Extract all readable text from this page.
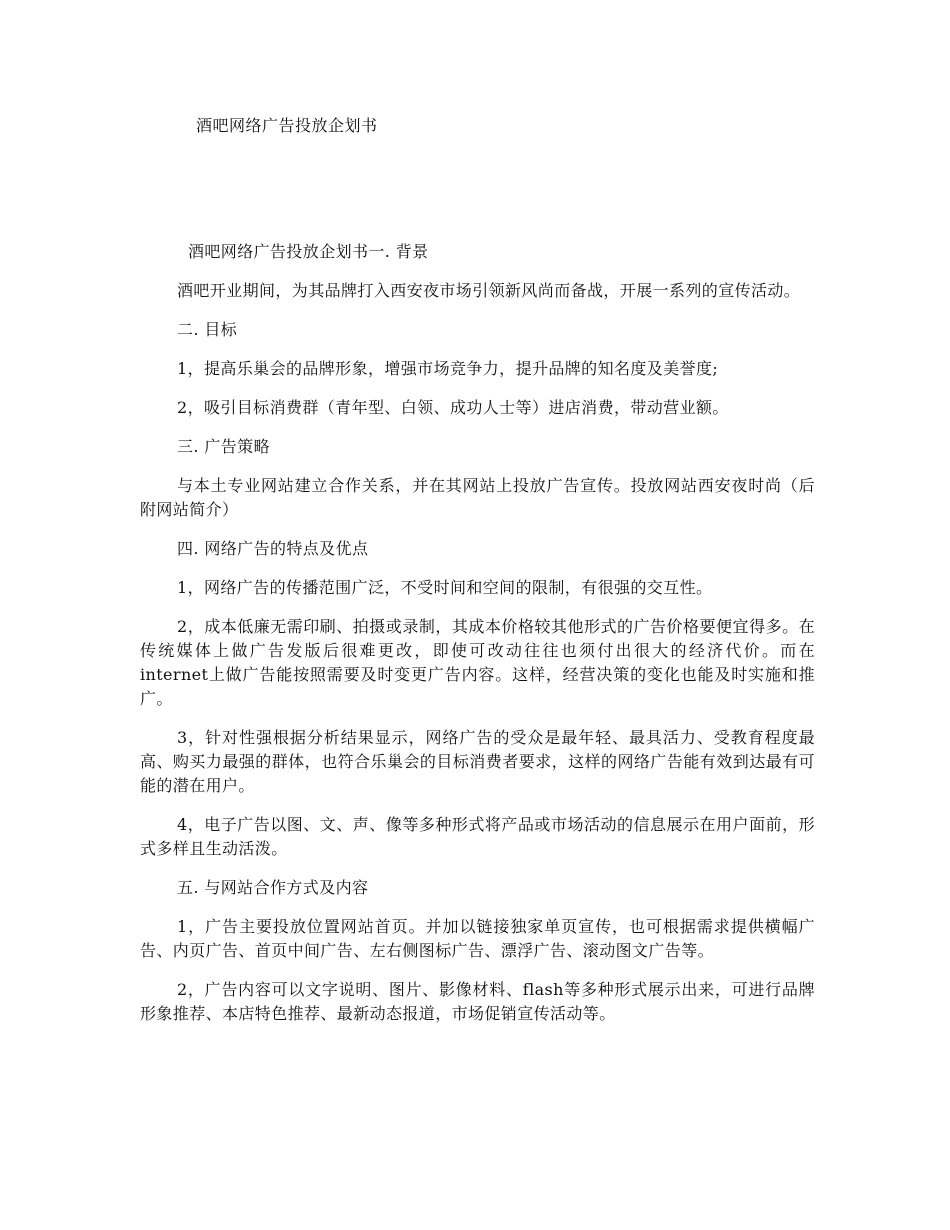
酒吧网络广告投放企划书

酒吧网络广告投放企划书一. 背景

酒吧开业期间，为其品牌打入西安夜市场引领新风尚而备战，开展一系列的宣传活动。

二. 目标

1，提高乐巢会的品牌形象，增强市场竞争力，提升品牌的知名度及美誉度;

2，吸引目标消费群（青年型、白领、成功人士等）进店消费，带动营业额。

三. 广告策略

与本土专业网站建立合作关系，并在其网站上投放广告宣传。投放网站西安夜时尚（后附网站简介）

四. 网络广告的特点及优点

1，网络广告的传播范围广泛，不受时间和空间的限制，有很强的交互性。

2，成本低廉无需印刷、拍摄或录制，其成本价格较其他形式的广告价格要便宜得多。在传统媒体上做广告发版后很难更改，即使可改动往往也须付出很大的经济代价。而在internet上做广告能按照需要及时变更广告内容。这样，经营决策的变化也能及时实施和推广。

3，针对性强根据分析结果显示，网络广告的受众是最年轻、最具活力、受教育程度最高、购买力最强的群体，也符合乐巢会的目标消费者要求，这样的网络广告能有效到达最有可能的潜在用户。

4，电子广告以图、文、声、像等多种形式将产品或市场活动的信息展示在用户面前，形式多样且生动活泼。

五. 与网站合作方式及内容

1，广告主要投放位置网站首页。并加以链接独家单页宣传，也可根据需求提供横幅广告、内页广告、首页中间广告、左右侧图标广告、漂浮广告、滚动图文广告等。

2，广告内容可以文字说明、图片、影像材料、flash等多种形式展示出来，可进行品牌形象推荐、本店特色推荐、最新动态报道，市场促销宣传活动等。
